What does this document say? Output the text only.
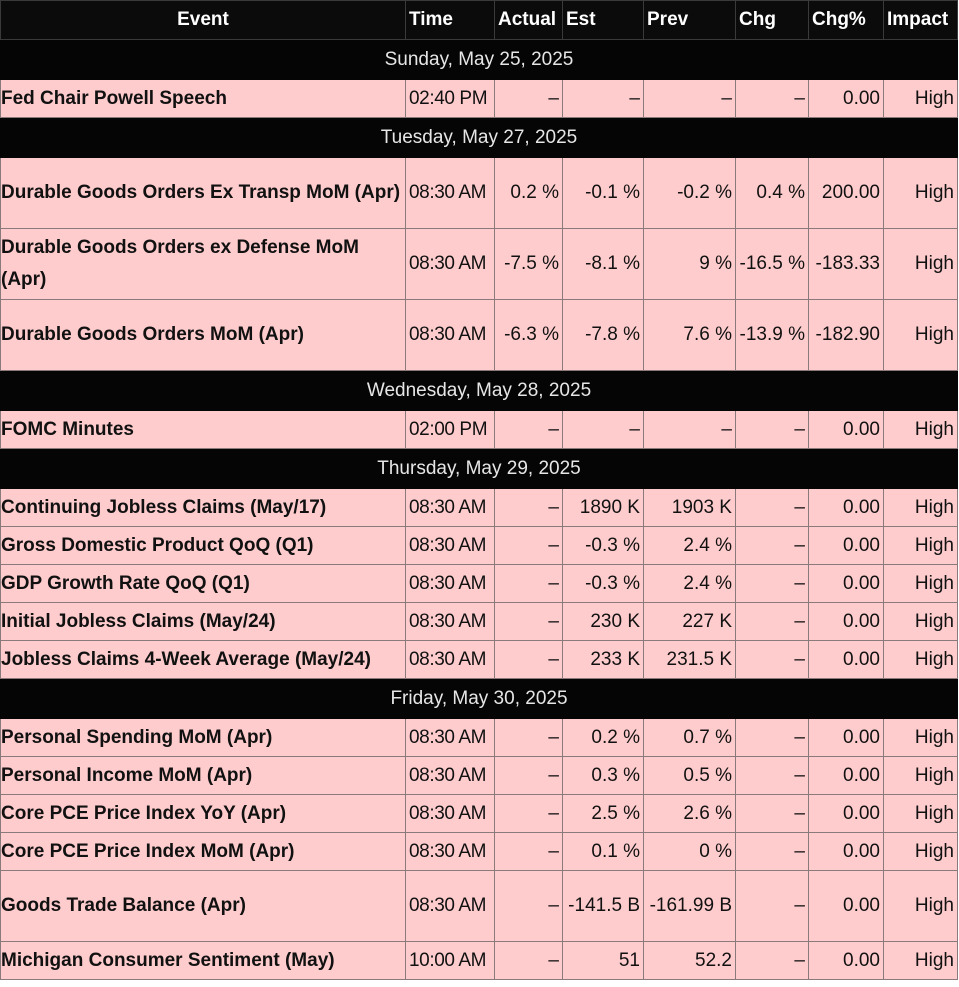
Event	Time	Actual	Est	Prev	Chg	Chg%	Impact
Sunday, May 25, 2025							
Fed Chair Powell Speech	02:40 PM	–	–	–	–	0.00	High
Tuesday, May 27, 2025							
Durable Goods Orders Ex Transp MoM (Apr)	08:30 AM	0.2 %	-0.1 %	-0.2 %	0.4 %	200.00	High
Durable Goods Orders ex Defense MoM (Apr)	08:30 AM	-7.5 %	-8.1 %	9 %	-16.5 %	-183.33	High
Durable Goods Orders MoM (Apr)	08:30 AM	-6.3 %	-7.8 %	7.6 %	-13.9 %	-182.90	High
Wednesday, May 28, 2025							
FOMC Minutes	02:00 PM	–	–	–	–	0.00	High
Thursday, May 29, 2025							
Continuing Jobless Claims (May/17)	08:30 AM	–	1890 K	1903 K	–	0.00	High
Gross Domestic Product QoQ (Q1)	08:30 AM	–	-0.3 %	2.4 %	–	0.00	High
GDP Growth Rate QoQ (Q1)	08:30 AM	–	-0.3 %	2.4 %	–	0.00	High
Initial Jobless Claims (May/24)	08:30 AM	–	230 K	227 K	–	0.00	High
Jobless Claims 4-Week Average (May/24)	08:30 AM	–	233 K	231.5 K	–	0.00	High
Friday, May 30, 2025							
Personal Spending MoM (Apr)	08:30 AM	–	0.2 %	0.7 %	–	0.00	High
Personal Income MoM (Apr)	08:30 AM	–	0.3 %	0.5 %	–	0.00	High
Core PCE Price Index YoY (Apr)	08:30 AM	–	2.5 %	2.6 %	–	0.00	High
Core PCE Price Index MoM (Apr)	08:30 AM	–	0.1 %	0 %	–	0.00	High
Goods Trade Balance (Apr)	08:30 AM	–	-141.5 B	-161.99 B	–	0.00	High
Michigan Consumer Sentiment (May)	10:00 AM	–	51	52.2	–	0.00	High
